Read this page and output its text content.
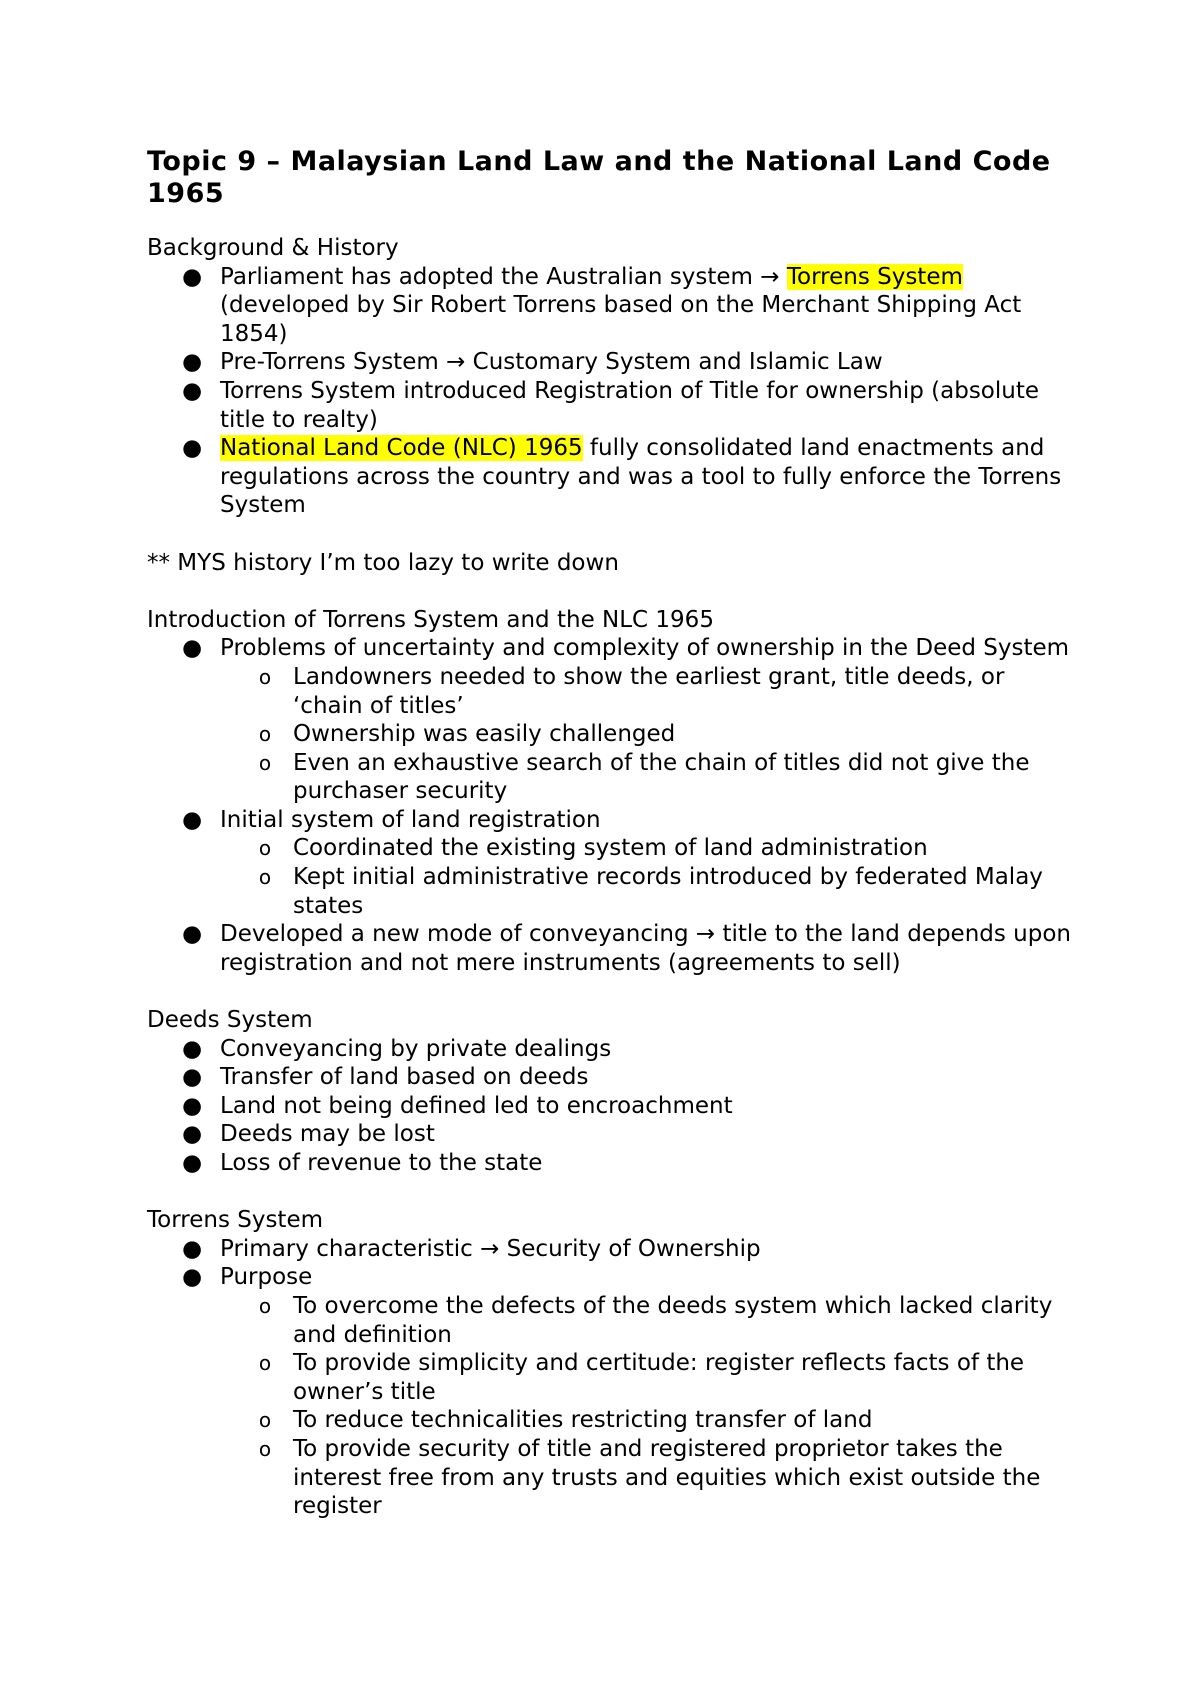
Topic 9 – Malaysian Land Law and the National Land Code 1965
Background & History
● Parliament has adopted the Australian system → Torrens System (developed by Sir Robert Torrens based on the Merchant Shipping Act 1854)
● Pre-Torrens System → Customary System and Islamic Law
● Torrens System introduced Registration of Title for ownership (absolute title to realty)
● National Land Code (NLC) 1965 fully consolidated land enactments and regulations across the country and was a tool to fully enforce the Torrens System
** MYS history I’m too lazy to write down
Introduction of Torrens System and the NLC 1965
● Problems of uncertainty and complexity of ownership in the Deed System
o Landowners needed to show the earliest grant, title deeds, or ‘chain of titles’
o Ownership was easily challenged
o Even an exhaustive search of the chain of titles did not give the purchaser security
● Initial system of land registration
o Coordinated the existing system of land administration
o Kept initial administrative records introduced by federated Malay states
● Developed a new mode of conveyancing → title to the land depends upon registration and not mere instruments (agreements to sell)
Deeds System
● Conveyancing by private dealings
● Transfer of land based on deeds
● Land not being defined led to encroachment
● Deeds may be lost
● Loss of revenue to the state
Torrens System
● Primary characteristic → Security of Ownership
● Purpose
o To overcome the defects of the deeds system which lacked clarity and definition
o To provide simplicity and certitude: register reflects facts of the owner’s title
o To reduce technicalities restricting transfer of land
o To provide security of title and registered proprietor takes the interest free from any trusts and equities which exist outside the register
